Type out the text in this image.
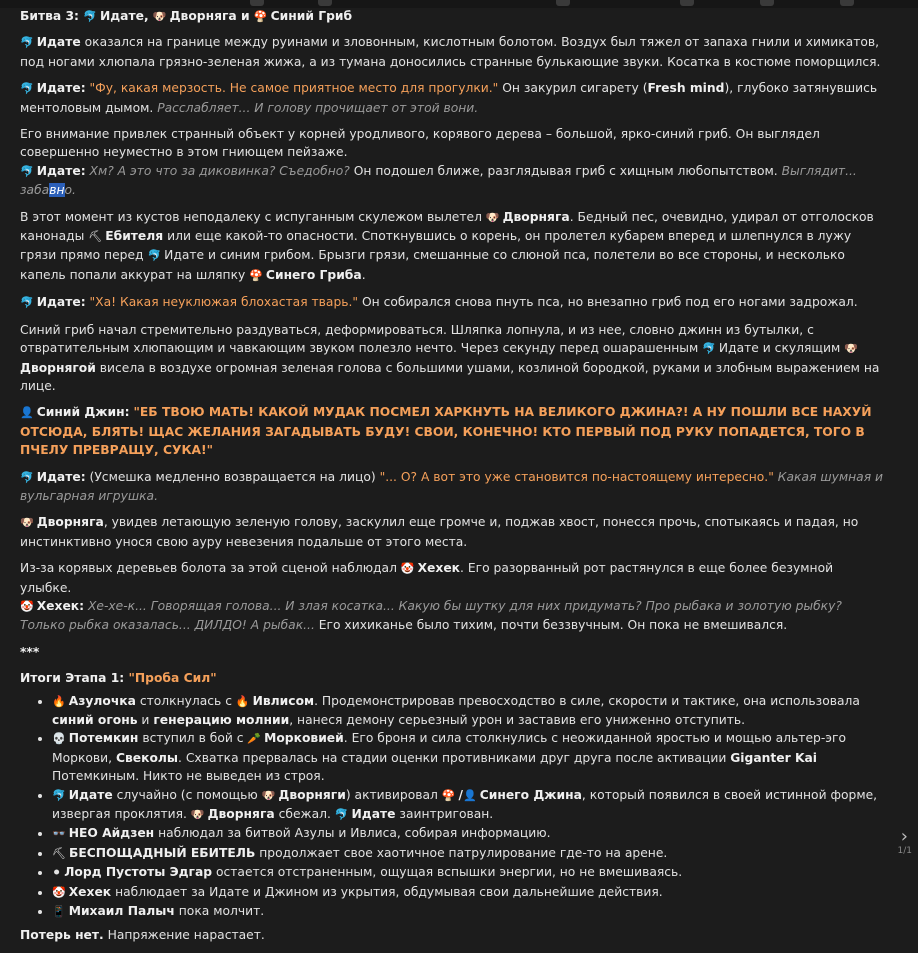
Битва 3: 🐬 Идате, 🐶 Дворняга и 🍄 Синий Гриб
🐬 Идате оказался на границе между руинами и зловонным, кислотным болотом. Воздух был тяжел от запаха гнили и химикатов, под ногами хлюпала грязно-зеленая жижа, а из тумана доносились странные булькающие звуки. Косатка в костюме поморщился.
🐬 Идате: "Фу, какая мерзость. Не самое приятное место для прогулки." Он закурил сигарету (Fresh mind), глубоко затянувшись ментоловым дымом. Расслабляет... И голову прочищает от этой вони.
Его внимание привлек странный объект у корней уродливого, корявого дерева – большой, ярко-синий гриб. Он выглядел совершенно неуместно в этом гниющем пейзаже.
🐬 Идате: Хм? А это что за диковинка? Съедобно? Он подошел ближе, разглядывая гриб с хищным любопытством. Выглядит... забавно.
В этот момент из кустов неподалеку с испуганным скулежом вылетел 🐶 Дворняга. Бедный пес, очевидно, удирал от отголосков канонады ⛏ Ебителя или еще какой-то опасности. Споткнувшись о корень, он пролетел кубарем вперед и шлепнулся в лужу грязи прямо перед 🐬 Идате и синим грибом. Брызги грязи, смешанные со слюной пса, полетели во все стороны, и несколько капель попали аккурат на шляпку 🍄 Синего Гриба.
🐬 Идате: "Ха! Какая неуклюжая блохастая тварь." Он собирался снова пнуть пса, но внезапно гриб под его ногами задрожал.
Синий гриб начал стремительно раздуваться, деформироваться. Шляпка лопнула, и из нее, словно джинн из бутылки, с отвратительным хлюпающим и чавкающим звуком полезло нечто. Через секунду перед ошарашенным 🐬 Идате и скулящим 🐶Дворнягой висела в воздухе огромная зеленая голова с большими ушами, козлиной бородкой, руками и злобным выражением на лице.
👤 Синий Джин: "ЕБ ТВОЮ МАТЬ! КАКОЙ МУДАК ПОСМЕЛ ХАРКНУТЬ НА ВЕЛИКОГО ДЖИНА?! А НУ ПОШЛИ ВСЕ НАХУЙ ОТСЮДА, БЛЯТЬ! ЩАС ЖЕЛАНИЯ ЗАГАДЫВАТЬ БУДУ! СВОИ, КОНЕЧНО! КТО ПЕРВЫЙ ПОД РУКУ ПОПАДЕТСЯ, ТОГО В ПЧЕЛУ ПРЕВРАЩУ, СУКА!"
🐬 Идате: (Усмешка медленно возвращается на лицо) "... О? А вот это уже становится по-настоящему интересно." Какая шумная и вульгарная игрушка.
🐶 Дворняга, увидев летающую зеленую голову, заскулил еще громче и, поджав хвост, понесся прочь, спотыкаясь и падая, но инстинктивно унося свою ауру невезения подальше от этого места.
Из-за корявых деревьев болота за этой сценой наблюдал 🤡 Хехек. Его разорванный рот растянулся в еще более безумной улыбке.
🤡 Хехек: Хе-хе-к... Говорящая голова... И злая косатка... Какую бы шутку для них придумать? Про рыбака и золотую рыбку? Только рыбка оказалась... ДИЛДО! А рыбак... Его хихиканье было тихим, почти беззвучным. Он пока не вмешивался.
***
Итоги Этапа 1: "Проба Сил"
• 🔥 Азулочка столкнулась с 🔥 Ивлисом. Продемонстрировав превосходство в силе, скорости и тактике, она использовала синий огонь и генерацию молнии, нанеся демону серьезный урон и заставив его униженно отступить.
• 💀 Потемкин вступил в бой с 🥕 Морковией. Его броня и сила столкнулись с неожиданной яростью и мощью альтер-эго Моркови, Свеколы. Схватка прервалась на стадии оценки противниками друг друга после активации Giganter Kai Потемкиным. Никто не выведен из строя.
• 🐬 Идате случайно (с помощью 🐶 Дворняги) активировал 🍄 /👤 Синего Джина, который появился в своей истинной форме, извергая проклятия. 🐶 Дворняга сбежал. 🐬 Идате заинтригован.
• 👓 НЕО Айдзен наблюдал за битвой Азулы и Ивлиса, собирая информацию.
• ⛏ БЕСПОЩАДНЫЙ ЕБИТЕЛЬ продолжает свое хаотичное патрулирование где-то на арене.
• ⚫ Лорд Пустоты Эдгар остается отстраненным, ощущая вспышки энергии, но не вмешиваясь.
• 🤡 Хехек наблюдает за Идате и Джином из укрытия, обдумывая свои дальнейшие действия.
• 📱 Михаил Палыч пока молчит.
Потерь нет. Напряжение нарастает.
›
1/1
